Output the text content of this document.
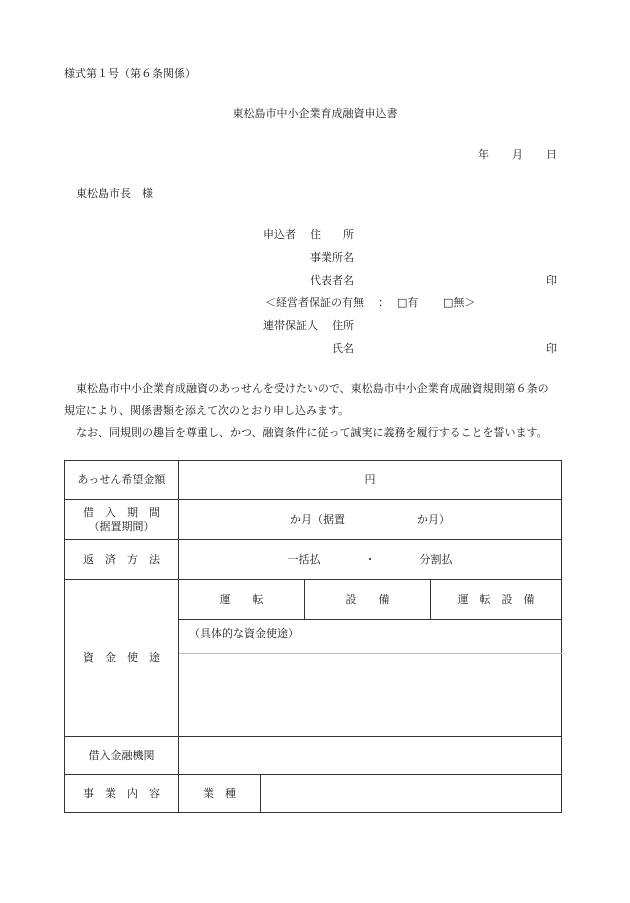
様式第１号（第６条関係）
東松島市中小企業育成融資申込書
年 月 日
東松島市長　様
申込者 住　　所
事業所名
代表者名	印
＜経営者保証の有無 ： □有 □無＞
連帯保証人 住所
氏名	印
東松島市中小企業育成融資のあっせんを受けたいので、東松島市中小企業育成融資規則第６条の
規定により、関係書類を添えて次のとおり申し込みます。
なお、同規則の趣旨を尊重し、かつ、融資条件に従って誠実に義務を履行することを誓います。
あっせん希望金額	円			

借　入　期　間
（据置期間）	か月（据置 か月）			
返　済　方　法	一括払 ・ 分割払			
資　金　使　途	運　　転		設　　備	運　転　設　備
	（具体的な資金使途）			

借入金融機関				
事　業　内　容	業　種			
